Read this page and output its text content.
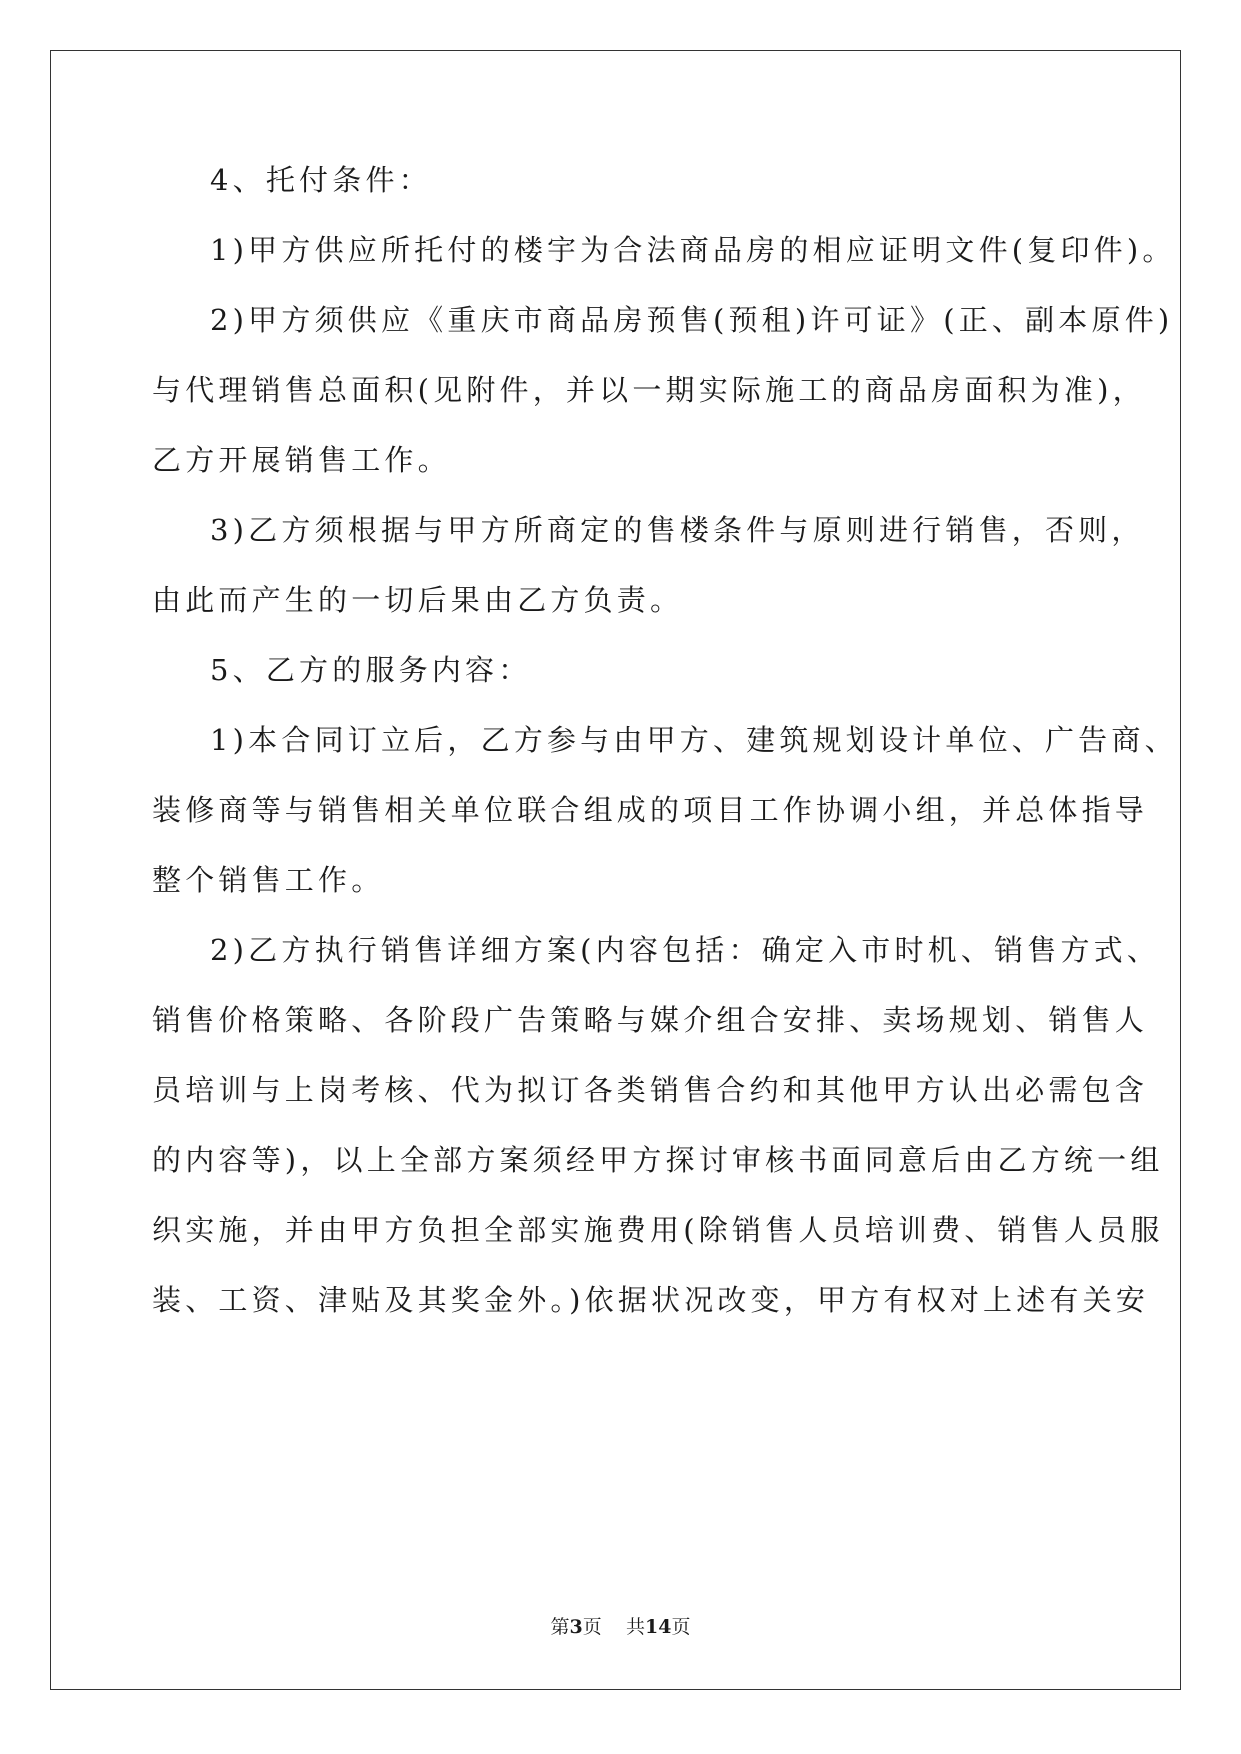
4、托付条件：
1)甲方供应所托付的楼宇为合法商品房的相应证明文件(复印件)。
2)甲方须供应《重庆市商品房预售(预租)许可证》(正、副本原件)
与代理销售总面积(见附件，并以一期实际施工的商品房面积为准)，
乙方开展销售工作。
3)乙方须根据与甲方所商定的售楼条件与原则进行销售，否则，
由此而产生的一切后果由乙方负责。
5、乙方的服务内容：
1)本合同订立后，乙方参与由甲方、建筑规划设计单位、广告商、
装修商等与销售相关单位联合组成的项目工作协调小组，并总体指导
整个销售工作。
2)乙方执行销售详细方案(内容包括：确定入市时机、销售方式、
销售价格策略、各阶段广告策略与媒介组合安排、卖场规划、销售人
员培训与上岗考核、代为拟订各类销售合约和其他甲方认出必需包含
的内容等)，以上全部方案须经甲方探讨审核书面同意后由乙方统一组
织实施，并由甲方负担全部实施费用(除销售人员培训费、销售人员服
装、工资、津贴及其奖金外。)依据状况改变，甲方有权对上述有关安
第3页 共14页
